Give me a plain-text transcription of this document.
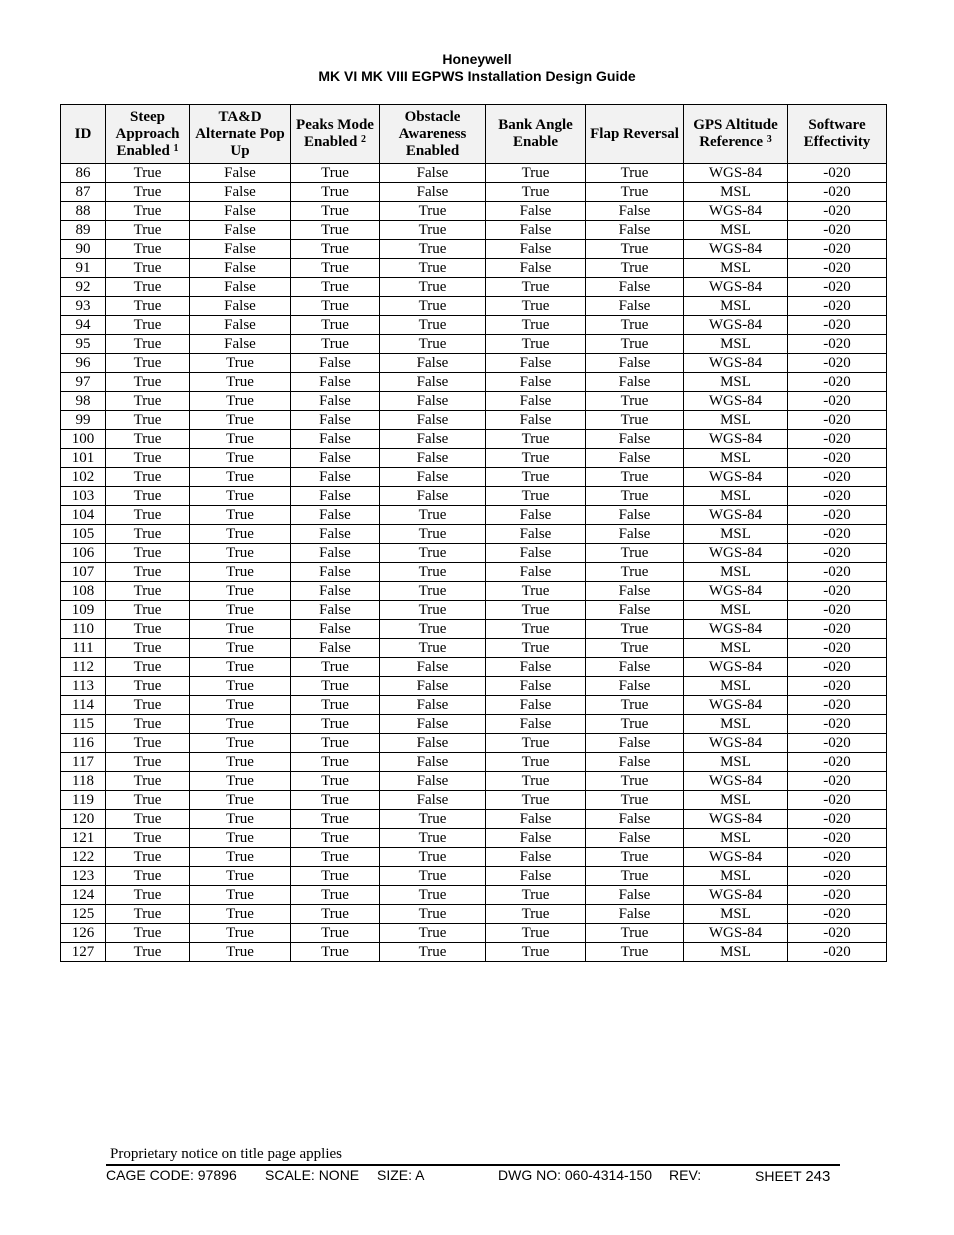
Honeywell
MK VI MK VIII EGPWS Installation Design Guide
ID	Steep Approach Enabled $^1$	TA&D Alternate Pop Up	Peaks Mode Enabled $^2$	Obstacle Awareness Enabled	Bank Angle Enable	Flap Reversal	GPS Altitude Reference $^3$	Software Effectivity
86	True	False	True	False	True	True	WGS-84	-020
87	True	False	True	False	True	True	MSL	-020
88	True	False	True	True	False	False	WGS-84	-020
89	True	False	True	True	False	False	MSL	-020
90	True	False	True	True	False	True	WGS-84	-020
91	True	False	True	True	False	True	MSL	-020
92	True	False	True	True	True	False	WGS-84	-020
93	True	False	True	True	True	False	MSL	-020
94	True	False	True	True	True	True	WGS-84	-020
95	True	False	True	True	True	True	MSL	-020
96	True	True	False	False	False	False	WGS-84	-020
97	True	True	False	False	False	False	MSL	-020
98	True	True	False	False	False	True	WGS-84	-020
99	True	True	False	False	False	True	MSL	-020
100	True	True	False	False	True	False	WGS-84	-020
101	True	True	False	False	True	False	MSL	-020
102	True	True	False	False	True	True	WGS-84	-020
103	True	True	False	False	True	True	MSL	-020
104	True	True	False	True	False	False	WGS-84	-020
105	True	True	False	True	False	False	MSL	-020
106	True	True	False	True	False	True	WGS-84	-020
107	True	True	False	True	False	True	MSL	-020
108	True	True	False	True	True	False	WGS-84	-020
109	True	True	False	True	True	False	MSL	-020
110	True	True	False	True	True	True	WGS-84	-020
111	True	True	False	True	True	True	MSL	-020
112	True	True	True	False	False	False	WGS-84	-020
113	True	True	True	False	False	False	MSL	-020
114	True	True	True	False	False	True	WGS-84	-020
115	True	True	True	False	False	True	MSL	-020
116	True	True	True	False	True	False	WGS-84	-020
117	True	True	True	False	True	False	MSL	-020
118	True	True	True	False	True	True	WGS-84	-020
119	True	True	True	False	True	True	MSL	-020
120	True	True	True	True	False	False	WGS-84	-020
121	True	True	True	True	False	False	MSL	-020
122	True	True	True	True	False	True	WGS-84	-020
123	True	True	True	True	False	True	MSL	-020
124	True	True	True	True	True	False	WGS-84	-020
125	True	True	True	True	True	False	MSL	-020
126	True	True	True	True	True	True	WGS-84	-020
127	True	True	True	True	True	True	MSL	-020
Proprietary notice on title page applies
CAGE CODE: 97896 SCALE: NONE SIZE: A	DWG NO: 060-4314-150 REV:	SHEET 243
